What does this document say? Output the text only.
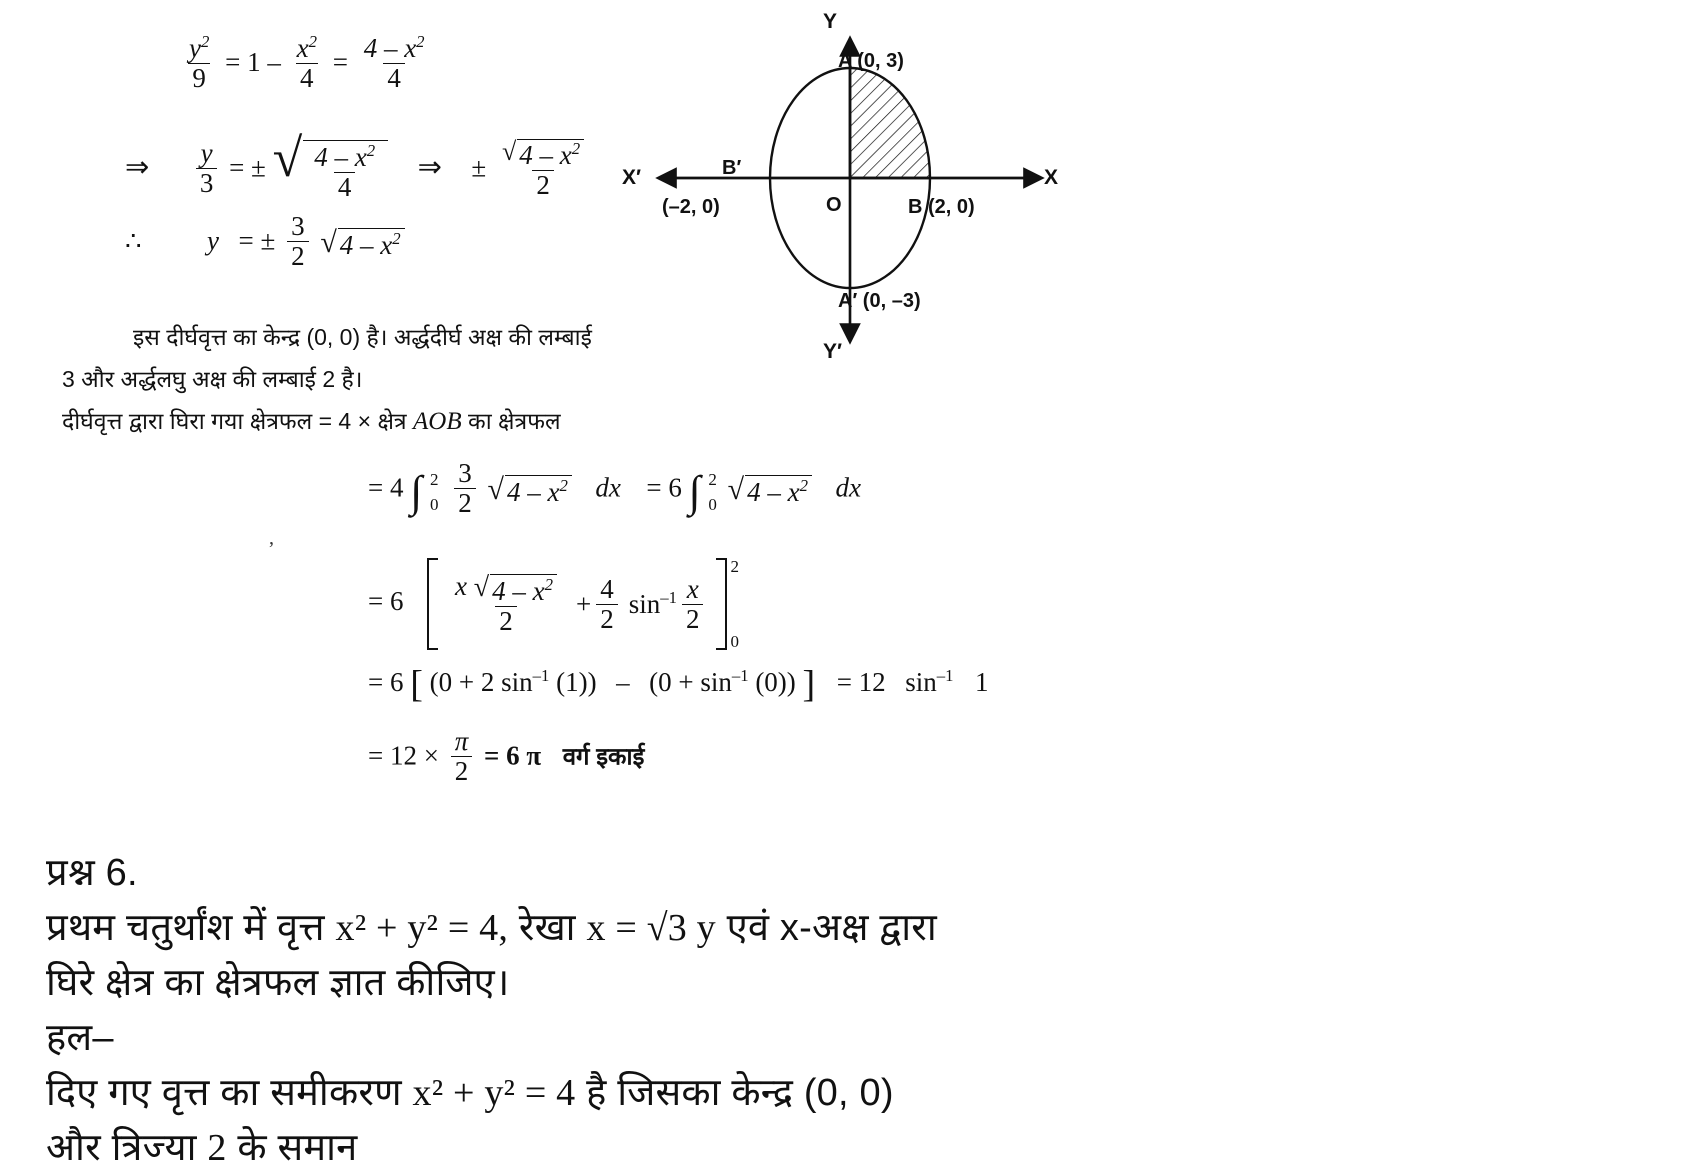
$\frac{y^2}{9} = 1 - \frac{x^2}{4} = \frac{4 - x^2}{4}$
⇒ $\frac{y}{3}$ = ± √ $\frac{4 - x^2}{4}$ ⇒ ± $\frac{√ 4 - x^2}{2}$
∴ y = ± $\frac{3}{2}$
√ $4 - x^2$
Y
Y′
X
X′
A (0, 3)
A′ (0, –3)
B′
(–2, 0)	B (2, 0)
O
इस दीर्घवृत्त का केन्द्र (0, 0) है। अर्द्धदीर्घ अक्ष की लम्बाई
3 और अर्द्धलघु अक्ष की लम्बाई 2 है।
दीर्घवृत्त द्वारा घिरा गया क्षेत्रफल = 4 × क्षेत्र AOB का क्षेत्रफल
= 4 ∫ 2
0
$\frac{3}{2}$
√ $4 - x^2$ dx = 6 ∫ 2
0
√ $4 - x^2$ dx
= $6 \frac{x √ 4 - x^2}{2} + \frac{4}{2} \sin^{-1} \frac{x}{2}$
2
0
’
= 6 [ (0 + 2 $\sin^{-1} (1)) - (0 + \sin^{-1} (0))$ ] = 12 $\sin^{-1} 1$
= $12 \times \frac{\pi}{2} = 6$ π वर्ग इकाई
प्रश्न 6.
प्रथम चतुर्थांश में वृत्त x² + y² = 4, रेखा x = √3 y एवं x-अक्ष द्वारा
घिरे क्षेत्र का क्षेत्रफल ज्ञात कीजिए।
हल–
दिए गए वृत्त का समीकरण x² + y² = 4 है जिसका केन्द्र (0, 0)
और त्रिज्या 2 के समान
